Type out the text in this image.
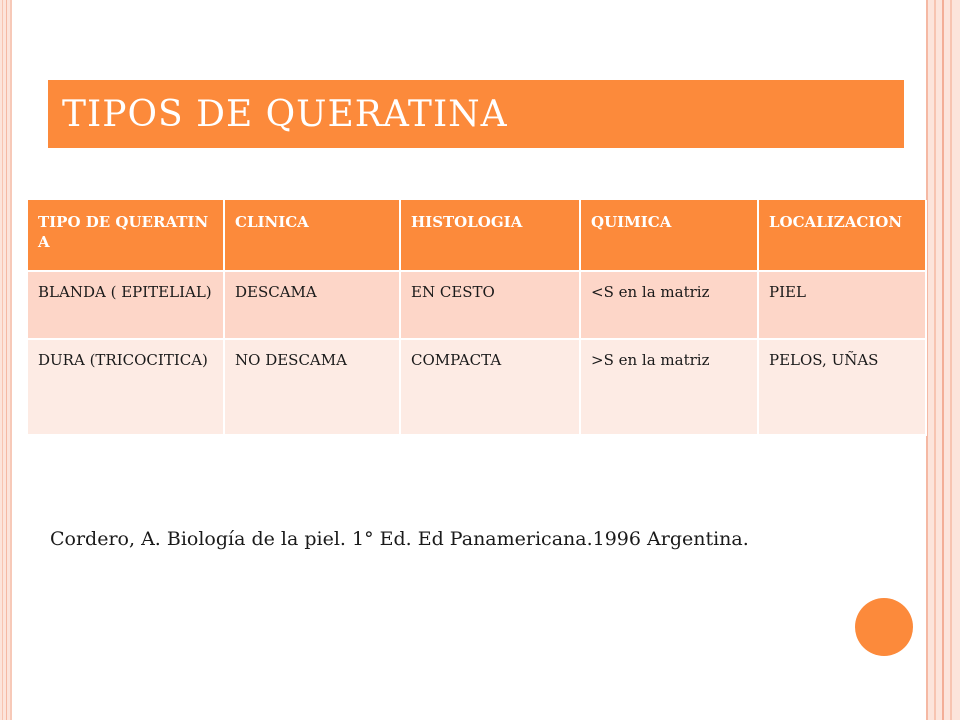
TIPOS DE QUERATINA
TIPO DE QUERATINA	CLINICA	HISTOLOGIA	QUIMICA	LOCALIZACION
BLANDA ( EPITELIAL)	DESCAMA	EN CESTO	<S en la matriz	PIEL
DURA (TRICOCITICA)	NO DESCAMA	COMPACTA	>S en la matriz	PELOS, UÑAS
Cordero, A. Biología de la piel. 1° Ed. Ed Panamericana.1996 Argentina.
